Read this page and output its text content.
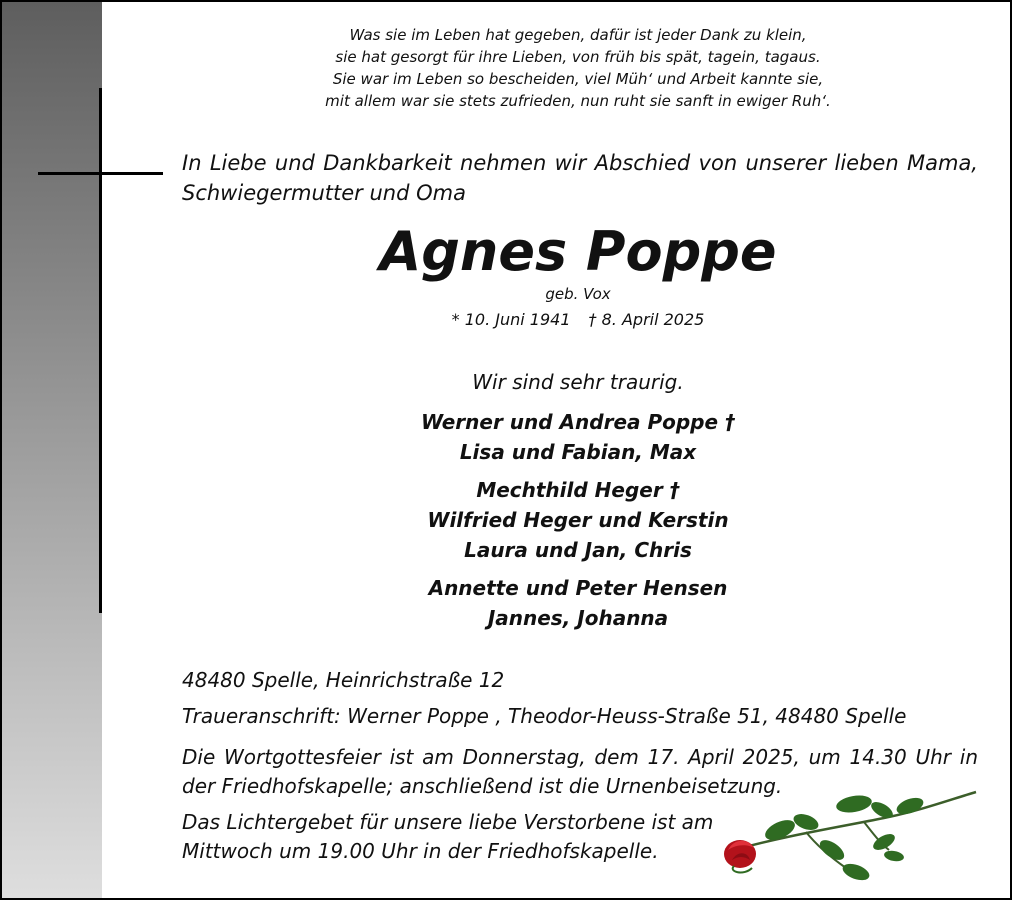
Was sie im Leben hat gegeben, dafür ist jeder Dank zu klein,
sie hat gesorgt für ihre Lieben, von früh bis spät, tagein, tagaus.
Sie war im Leben so bescheiden, viel Müh‘ und Arbeit kannte sie,
mit allem war sie stets zufrieden, nun ruht sie sanft in ewiger Ruh‘.
In Liebe und Dankbarkeit nehmen wir Abschied von unserer lieben Mama, Schwiegermutter und Oma
Agnes Poppe
geb. Vox
* 10. Juni 1941 † 8. April 2025
Wir sind sehr traurig.
Werner und Andrea Poppe †
Lisa und Fabian, Max
Mechthild Heger †
Wilfried Heger und Kerstin
Laura und Jan, Chris
Annette und Peter Hensen
Jannes, Johanna
48480 Spelle, Heinrichstraße 12
Traueranschrift: Werner Poppe , Theodor-Heuss-Straße 51, 48480 Spelle
Die Wortgottesfeier ist am Donnerstag, dem 17. April 2025, um 14.30 Uhr in der Friedhofskapelle; anschließend ist die Urnenbeisetzung.
Das Lichtergebet für unsere liebe Verstorbene ist am Mittwoch um 19.00 Uhr in der Friedhofskapelle.
